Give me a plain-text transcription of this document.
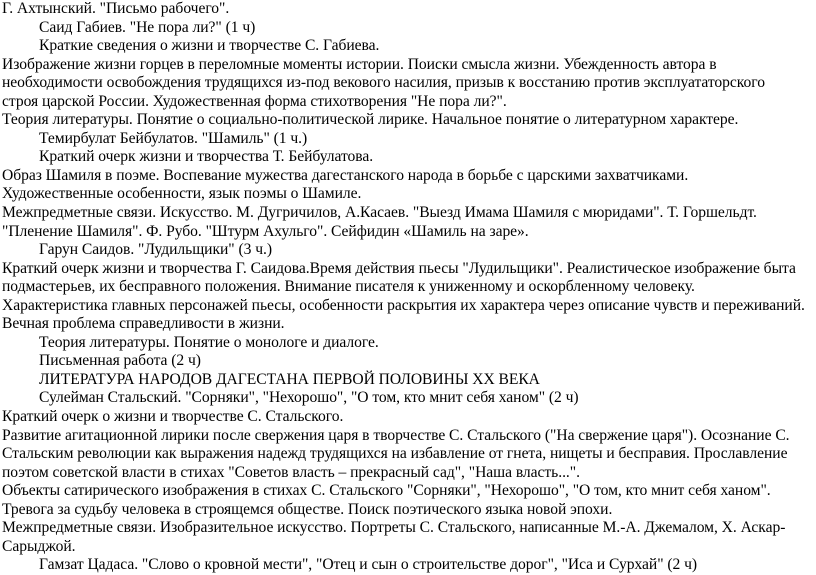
Г. Ахтынский. "Письмо рабочего".
Саид Габиев. "Не пора ли?" (1 ч)
Краткие сведения о жизни и творчестве С. Габиева.
Изображение жизни горцев в переломные моменты истории. Поиски смысла жизни. Убежденность автора в
необходимости освобождения трудящихся из-под векового насилия, призыв к восстанию против эксплуататорского
строя царской России. Художественная форма стихотворения "Не пора ли?".
Теория литературы. Понятие о социально-политической лирике. Начальное понятие о литературном характере.
Темирбулат Бейбулатов. "Шамиль" (1 ч.)
Краткий очерк жизни и творчества Т. Бейбулатова.
Образ Шамиля в поэме. Воспевание мужества дагестанского народа в борьбе с царскими захватчиками.
Художественные особенности, язык поэмы о Шамиле.
Межпредметные связи. Искусство. М. Дугричилов, А.Касаев. "Выезд Имама Шамиля с мюридами". Т. Горшельдт.
"Пленение Шамиля". Ф. Рубо. "Штурм Ахульго". Сейфидин «Шамиль на заре».
Гарун Саидов. "Лудильщики" (3 ч.)
Краткий очерк жизни и творчества Г. Саидова.Время действия пьесы "Лудильщики". Реалистическое изображение быта
подмастерьев, их бесправного положения. Внимание писателя к униженному и оскорбленному человеку.
Характеристика главных персонажей пьесы, особенности раскрытия их характера через описание чувств и переживаний.
Вечная проблема справедливости в жизни.
Теория литературы. Понятие о монологе и диалоге.
Письменная работа (2 ч)
ЛИТЕРАТУРА НАРОДОВ ДАГЕСТАНА ПЕРВОЙ ПОЛОВИНЫ XX ВЕКА
Сулейман Стальский. "Сорняки", "Нехорошо", "О том, кто мнит себя ханом" (2 ч)
Краткий очерк о жизни и творчестве С. Стальского.
Развитие агитационной лирики после свержения царя в творчестве С. Стальского ("На свержение царя"). Осознание С.
Стальским революции как выражения надежд трудящихся на избавление от гнета, нищеты и бесправия. Прославление
поэтом советской власти в стихах "Советов власть – прекрасный сад", "Наша власть...".
Объекты сатирического изображения в стихах С. Стальского "Сорняки", "Нехорошо", "О том, кто мнит себя ханом".
Тревога за судьбу человека в строящемся обществе. Поиск поэтического языка новой эпохи.
Межпредметные связи. Изобразительное искусство. Портреты С. Стальского, написанные М.-А. Джемалом, Х. Аскар-
Сарыджой.
Гамзат Цадаса. "Слово о кровной мести", "Отец и сын о строительстве дорог", "Иса и Сурхай" (2 ч)
